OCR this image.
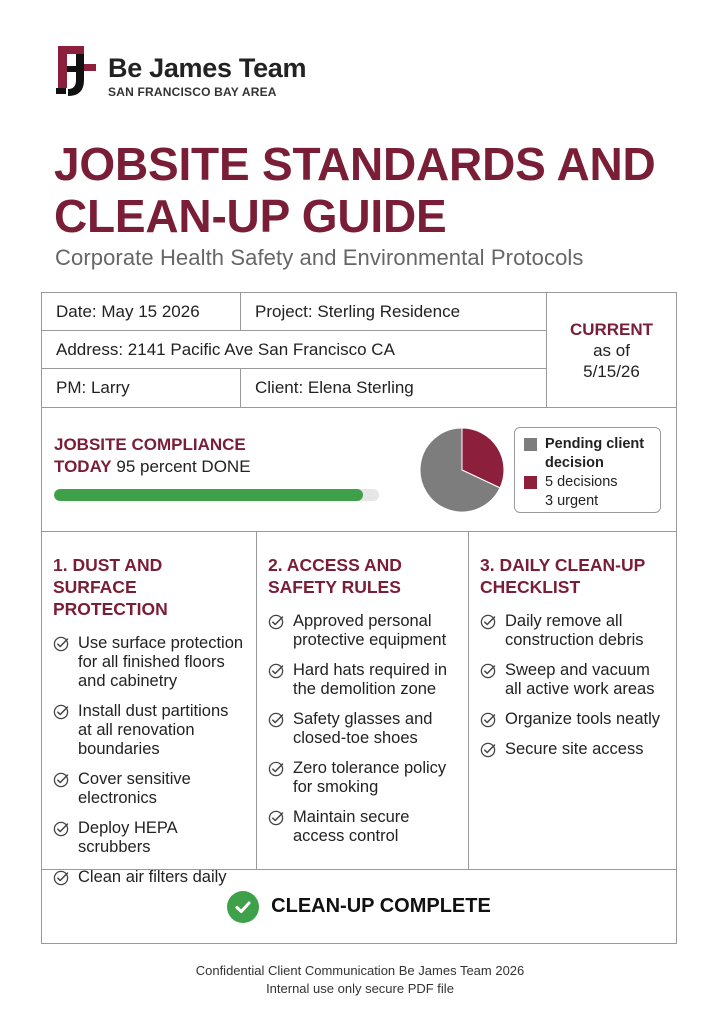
Be James Team
SAN FRANCISCO BAY AREA
JOBSITE STANDARDS AND CLEAN-UP GUIDE
Corporate Health Safety and Environmental Protocols
Date: May 15 2026	Project: Sterling Residence
Address: 2141 Pacific Ave San Francisco CA
PM: Larry	Client: Elena Sterling
CURRENT
as of
5/15/26
JOBSITE COMPLIANCE
TODAY 95 percent DONE
Pending client decision
5 decisions
3 urgent
1. DUST AND SURFACE PROTECTION
Use surface protection for all finished floors and cabinetry
Install dust partitions at all renovation boundaries
Cover sensitive electronics
Deploy HEPA scrubbers
Clean air filters daily
2. ACCESS AND SAFETY RULES
Approved personal protective equipment
Hard hats required in the demolition zone
Safety glasses and closed-toe shoes
Zero tolerance policy for smoking
Maintain secure access control
3. DAILY CLEAN-UP CHECKLIST
Daily remove all construction debris
Sweep and vacuum all active work areas
Organize tools neatly
Secure site access
CLEAN-UP COMPLETE
Confidential Client Communication Be James Team 2026
Internal use only secure PDF file
